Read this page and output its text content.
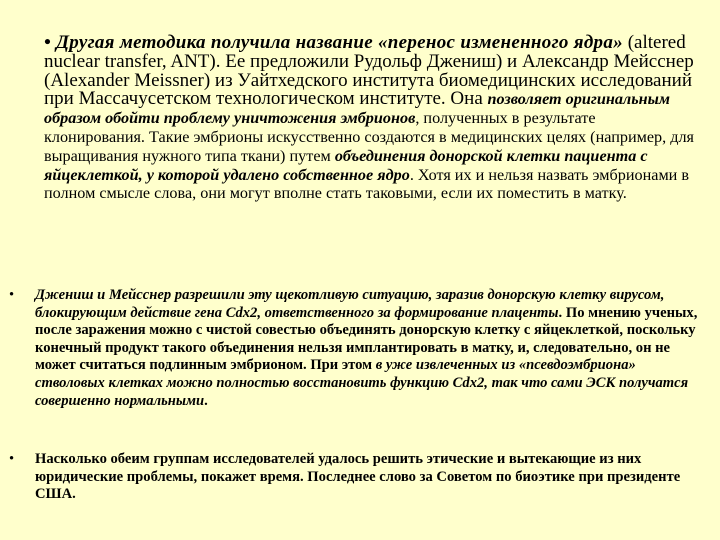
• Другая методика получила название «перенос измененного ядра» (altered nuclear transfer, ANT). Ее предложили Рудольф Джениш) и Александр Мейсснер (Alexander Meissner) из Уайтхедского института биомедицинских исследований при Массачусетском технологическом институте. Она позволяет оригинальным образом обойти проблему уничтожения эмбрионов, полученных в результате клонирования. Такие эмбрионы искусственно создаются в медицинских целях (например, для выращивания нужного типа ткани) путем объединения донорской клетки пациента с яйцеклеткой, у которой удалено собственное ядро. Хотя их и нельзя назвать эмбрионами в полном смысле слова, они могут вполне стать таковыми, если их поместить в матку.
•	Джениш и Мейсснер разрешили эту щекотливую ситуацию, заразив донорскую клетку вирусом, блокирующим действие гена Cdx2, ответственного за формирование плаценты. По мнению ученых, после заражения можно с чистой совестью объединять донорскую клетку с яйцеклеткой, поскольку конечный продукт такого объединения нельзя имплантировать в матку, и, следовательно, он не может считаться подлинным эмбрионом. При этом в уже извлеченных из «псевдоэмбриона» стволовых клетках можно полностью восстановить функцию Cdx2, так что сами ЭСК получатся совершенно нормальными.
•	Насколько обеим группам исследователей удалось решить этические и вытекающие из них юридические проблемы, покажет время. Последнее слово за Советом по биоэтике при президенте США.
